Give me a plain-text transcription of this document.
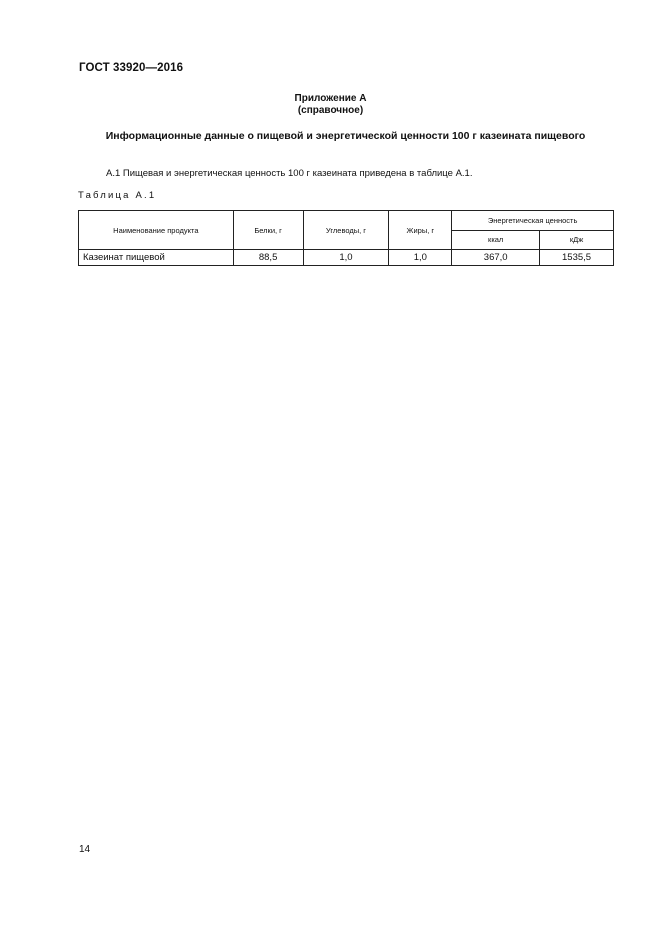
ГОСТ 33920—2016
Приложение А
(справочное)
Информационные данные о пищевой и энергетической ценности 100 г казеината пищевого
А.1 Пищевая и энергетическая ценность 100 г казеината приведена в таблице А.1.
Таблица А.1
Наименование продукта	Белки, г	Углеводы, г	Жиры, г	Энергетическая ценность	
				ккал	кДж
Казеинат пищевой	88,5	1,0	1,0	367,0	1535,5
14
